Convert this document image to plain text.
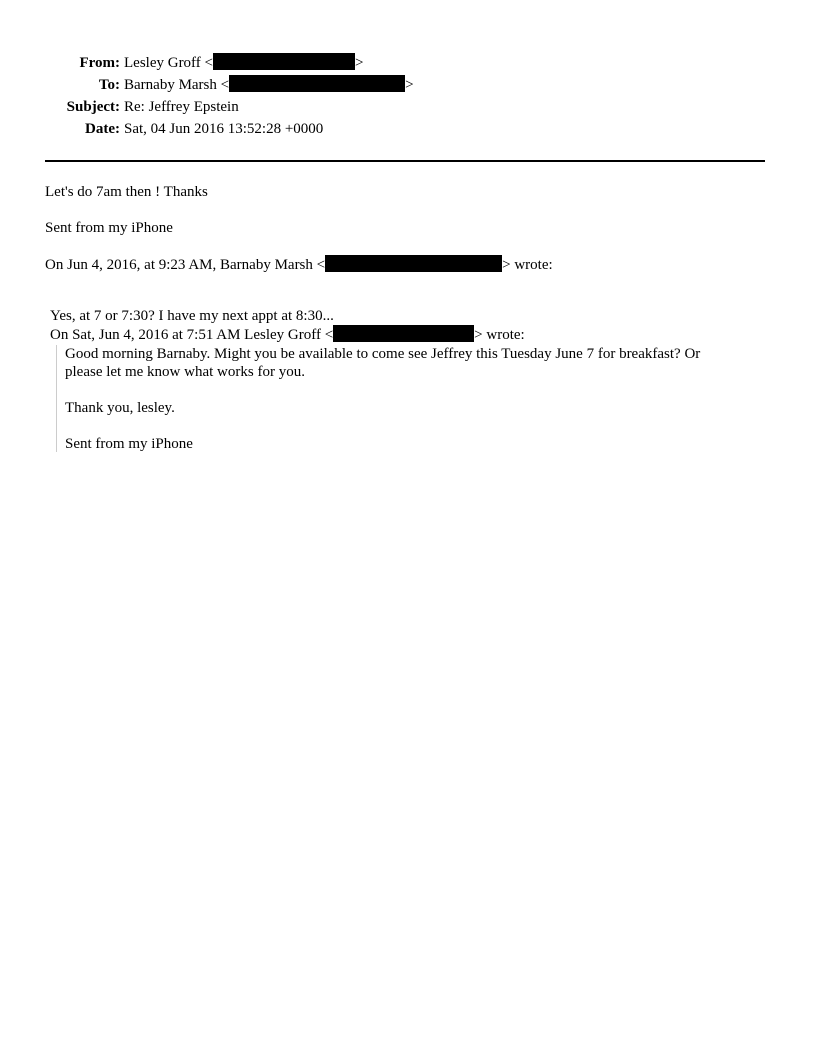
From: Lesley Groff <	>
To: Barnaby Marsh <	>
Subject: Re: Jeffrey Epstein
Date: Sat, 04 Jun 2016 13:52:28 +0000
Let's do 7am then ! Thanks
Sent from my iPhone
On Jun 4, 2016, at 9:23 AM, Barnaby Marsh <	> wrote:
Yes, at 7 or 7:30? I have my next appt at 8:30...
On Sat, Jun 4, 2016 at 7:51 AM Lesley Groff <	> wrote:
Good morning Barnaby. Might you be available to come see Jeffrey this Tuesday June 7 for breakfast? Or
please let me know what works for you.
Thank you, lesley.
Sent from my iPhone
